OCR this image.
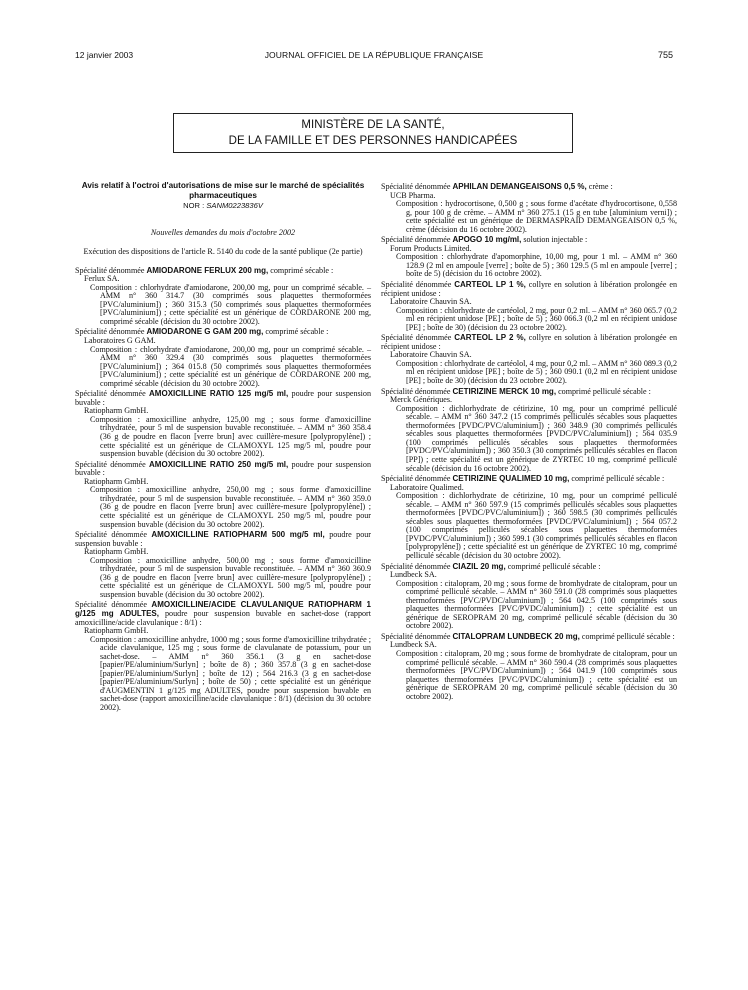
12 janvier 2003	JOURNAL OFFICIEL DE LA RÉPUBLIQUE FRANÇAISE	755
MINISTÈRE DE LA SANTÉ,
DE LA FAMILLE ET DES PERSONNES HANDICAPÉES

Avis relatif à l'octroi d'autorisations de mise sur le marché de spécialités pharmaceutiques

NOR : SANM0223836V

Nouvelles demandes du mois d'octobre 2002

Exécution des dispositions de l'article R. 5140 du code de la santé publique (2e partie)

Spécialité dénommée AMIODARONE FERLUX 200 mg, comprimé sécable :

Ferlux SA.

Composition : chlorhydrate d'amiodarone, 200,00 mg, pour un comprimé sécable. – AMM n° 360 314.7 (30 comprimés sous plaquettes thermoformées [PVC/aluminium]) ; 360 315.3 (50 comprimés sous plaquettes thermoformées [PVC/aluminium]) ; cette spécialité est un générique de CORDARONE 200 mg, comprimé sécable (décision du 30 octobre 2002).

Spécialité dénommée AMIODARONE G GAM 200 mg, comprimé sécable :

Laboratoires G GAM.

Composition : chlorhydrate d'amiodarone, 200,00 mg, pour un comprimé sécable. – AMM n° 360 329.4 (30 comprimés sous plaquettes thermoformées [PVC/aluminium]) ; 364 015.8 (50 comprimés sous plaquettes thermoformées [PVC/aluminium]) ; cette spécialité est un générique de CORDARONE 200 mg, comprimé sécable (décision du 30 octobre 2002).

Spécialité dénommée AMOXICILLINE RATIO 125 mg/5 ml, poudre pour suspension buvable :

Ratiopharm GmbH.

Composition : amoxicilline anhydre, 125,00 mg ; sous forme d'amoxicilline trihydratée, pour 5 ml de suspension buvable reconstituée. – AMM n° 360 358.4 (36 g de poudre en flacon [verre brun] avec cuillère-mesure [polypropylène]) ; cette spécialité est un générique de CLAMOXYL 125 mg/5 ml, poudre pour suspension buvable (décision du 30 octobre 2002).

Spécialité dénommée AMOXICILLINE RATIO 250 mg/5 ml, poudre pour suspension buvable :

Ratiopharm GmbH.

Composition : amoxicilline anhydre, 250,00 mg ; sous forme d'amoxicilline trihydratée, pour 5 ml de suspension buvable reconstituée. – AMM n° 360 359.0 (36 g de poudre en flacon [verre brun] avec cuillère-mesure [polypropylène]) ; cette spécialité est un générique de CLAMOXYL 250 mg/5 ml, poudre pour suspension buvable (décision du 30 octobre 2002).

Spécialité dénommée AMOXICILLINE RATIOPHARM 500 mg/5 ml, poudre pour suspension buvable :

Ratiopharm GmbH.

Composition : amoxicilline anhydre, 500,00 mg ; sous forme d'amoxicilline trihydratée, pour 5 ml de suspension buvable reconstituée. – AMM n° 360 360.9 (36 g de poudre en flacon [verre brun] avec cuillère-mesure [polypropylène]) ; cette spécialité est un générique de CLAMOXYL 500 mg/5 ml, poudre pour suspension buvable (décision du 30 octobre 2002).

Spécialité dénommée AMOXICILLINE/ACIDE CLAVULANIQUE RATIOPHARM 1 g/125 mg ADULTES, poudre pour suspension buvable en sachet-dose (rapport amoxicilline/acide clavulanique : 8/1) :

Ratiopharm GmbH.

Composition : amoxicilline anhydre, 1000 mg ; sous forme d'amoxicilline trihydratée ; acide clavulanique, 125 mg ; sous forme de clavulanate de potassium, pour un sachet-dose. – AMM n° 360 356.1 (3 g en sachet-dose [papier/PE/aluminium/Surlyn] ; boîte de 8) ; 360 357.8 (3 g en sachet-dose [papier/PE/aluminium/Surlyn] ; boîte de 12) ; 564 216.3 (3 g en sachet-dose [papier/PE/aluminium/Surlyn] ; boîte de 50) ; cette spécialité est un générique d'AUGMENTIN 1 g/125 mg ADULTES, poudre pour suspension buvable en sachet-dose (rapport amoxicilline/acide clavulanique : 8/1) (décision du 30 octobre 2002).

Spécialité dénommée APHILAN DEMANGEAISONS 0,5 %, crème :

UCB Pharma.

Composition : hydrocortisone, 0,500 g ; sous forme d'acétate d'hydrocortisone, 0,558 g, pour 100 g de crème. – AMM n° 360 275.1 (15 g en tube [aluminium verni]) ; cette spécialité est un générique de DERMASPRAID DEMANGEAISON 0,5 %, crème (décision du 16 octobre 2002).

Spécialité dénommée APOGO 10 mg/ml, solution injectable :

Forum Products Limited.

Composition : chlorhydrate d'apomorphine, 10,00 mg, pour 1 ml. – AMM n° 360 128.9 (2 ml en ampoule [verre] ; boîte de 5) ; 360 129.5 (5 ml en ampoule [verre] ; boîte de 5) (décision du 16 octobre 2002).

Spécialité dénommée CARTEOL LP 1 %, collyre en solution à libération prolongée en récipient unidose :

Laboratoire Chauvin SA.

Composition : chlorhydrate de cartéolol, 2 mg, pour 0,2 ml. – AMM n° 360 065.7 (0,2 ml en récipient unidose [PE] ; boîte de 5) ; 360 066.3 (0,2 ml en récipient unidose [PE] ; boîte de 30) (décision du 23 octobre 2002).

Spécialité dénommée CARTEOL LP 2 %, collyre en solution à libération prolongée en récipient unidose :

Laboratoire Chauvin SA.

Composition : chlorhydrate de cartéolol, 4 mg, pour 0,2 ml. – AMM n° 360 089.3 (0,2 ml en récipient unidose [PE] ; boîte de 5) ; 360 090.1 (0,2 ml en récipient unidose [PE] ; boîte de 30) (décision du 23 octobre 2002).

Spécialité dénommée CETIRIZINE MERCK 10 mg, comprimé pelliculé sécable :

Merck Génériques.

Composition : dichlorhydrate de cétirizine, 10 mg, pour un comprimé pelliculé sécable. – AMM n° 360 347.2 (15 comprimés pelliculés sécables sous plaquettes thermoformées [PVDC/PVC/aluminium]) ; 360 348.9 (30 comprimés pelliculés sécables sous plaquettes thermoformées [PVDC/PVC/aluminium]) ; 564 035.9 (100 comprimés pelliculés sécables sous plaquettes thermoformées [PVDC/PVC/aluminium]) ; 360 350.3 (30 comprimés pelliculés sécables en flacon [PP]) ; cette spécialité est un générique de ZYRTEC 10 mg, comprimé pelliculé sécable (décision du 16 octobre 2002).

Spécialité dénommée CETIRIZINE QUALIMED 10 mg, comprimé pelliculé sécable :

Laboratoire Qualimed.

Composition : dichlorhydrate de cétirizine, 10 mg, pour un comprimé pelliculé sécable. – AMM n° 360 597.9 (15 comprimés pelliculés sécables sous plaquettes thermoformées [PVDC/PVC/aluminium]) ; 360 598.5 (30 comprimés pelliculés sécables sous plaquettes thermoformées [PVDC/PVC/aluminium]) ; 564 057.2 (100 comprimés pelliculés sécables sous plaquettes thermoformées [PVDC/PVC/aluminium]) ; 360 599.1 (30 comprimés pelliculés sécables en flacon [polypropylène]) ; cette spécialité est un générique de ZYRTEC 10 mg, comprimé pelliculé sécable (décision du 30 octobre 2002).

Spécialité dénommée CIAZIL 20 mg, comprimé pelliculé sécable :

Lundbeck SA.

Composition : citalopram, 20 mg ; sous forme de bromhydrate de citalopram, pour un comprimé pelliculé sécable. – AMM n° 360 591.0 (28 comprimés sous plaquettes thermoformées [PVC/PVDC/aluminium]) ; 564 042.5 (100 comprimés sous plaquettes thermoformées [PVC/PVDC/aluminium]) ; cette spécialité est un générique de SEROPRAM 20 mg, comprimé pelliculé sécable (décision du 30 octobre 2002).

Spécialité dénommée CITALOPRAM LUNDBECK 20 mg, comprimé pelliculé sécable :

Lundbeck SA.

Composition : citalopram, 20 mg ; sous forme de bromhydrate de citalopram, pour un comprimé pelliculé sécable. – AMM n° 360 590.4 (28 comprimés sous plaquettes thermoformées [PVC/PVDC/aluminium]) ; 564 041.9 (100 comprimés sous plaquettes thermoformées [PVC/PVDC/aluminium]) ; cette spécialité est un générique de SEROPRAM 20 mg, comprimé pelliculé sécable (décision du 30 octobre 2002).
